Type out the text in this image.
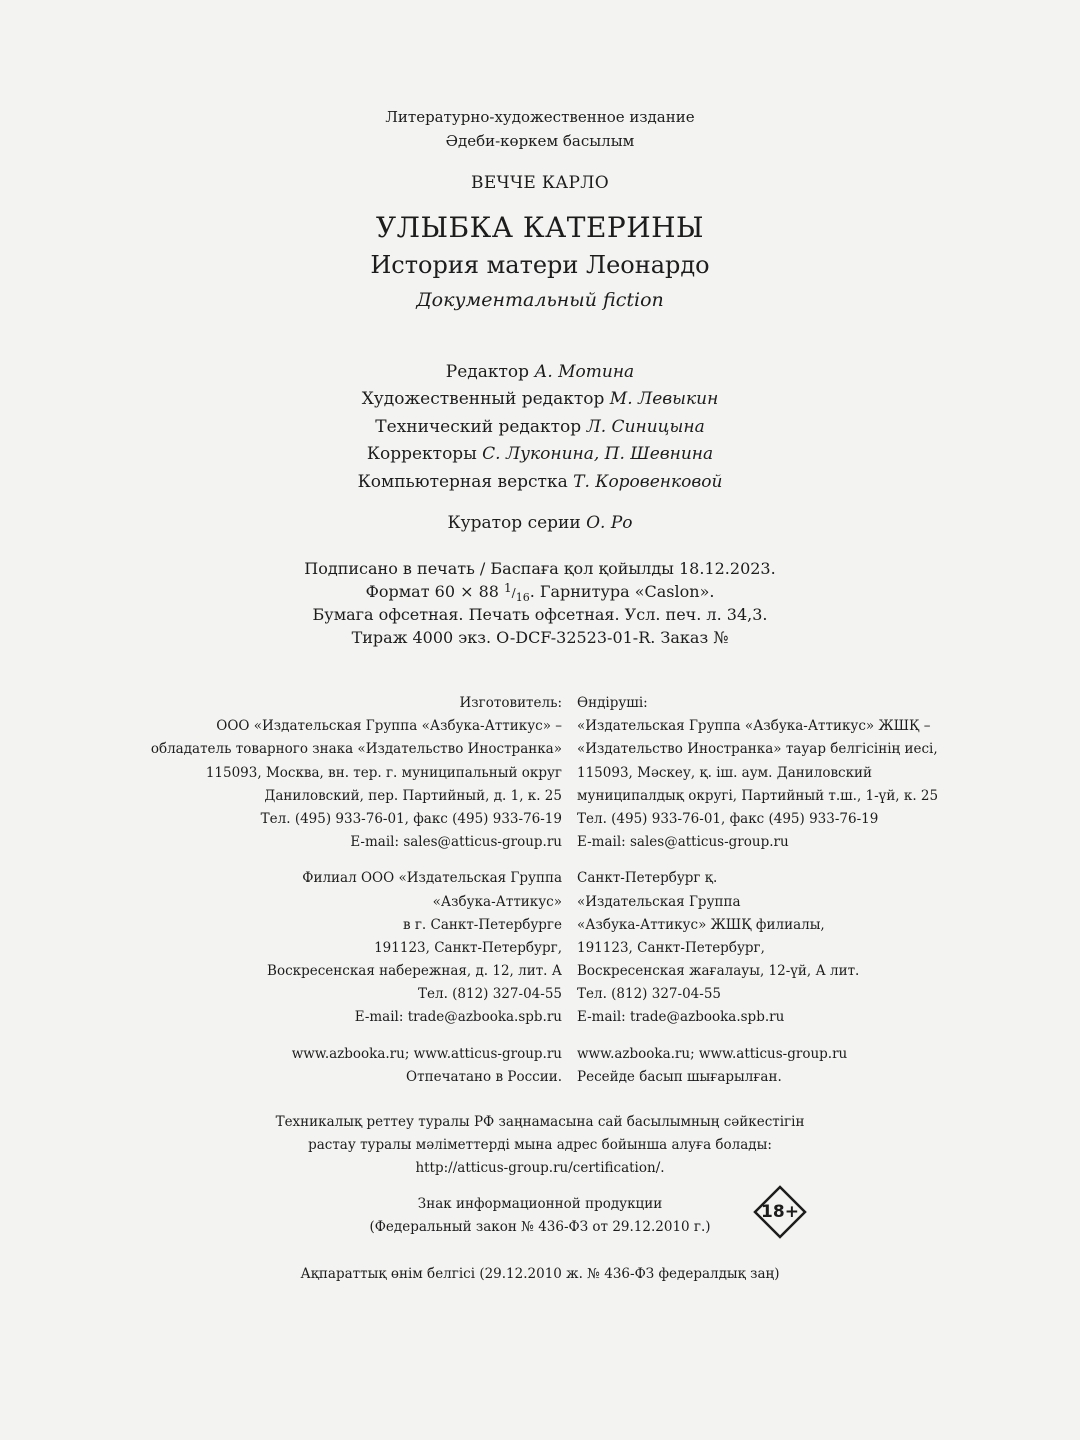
Литературно-художественное издание
Әдеби-көркем басылым
ВЕЧЧЕ КАРЛО
УЛЫБКА КАТЕРИНЫ
История матери Леонардо
Документальный fiction
Редактор А. Мотина
Художественный редактор М. Левыкин
Технический редактор Л. Синицына
Корректоры С. Луконина, П. Шевнина
Компьютерная верстка Т. Коровенковой
Куратор серии О. Ро
Подписано в печать / Баспаға қол қойылды 18.12.2023.
Формат 60 × 88 $^1/_{16}$. Гарнитура «Caslon».
Бумага офсетная. Печать офсетная. Усл. печ. л. 34,3.
Тираж 4000 экз. O-DCF-32523-01-R. Заказ №
Изготовитель:
ООО «Издательская Группа «Азбука-Аттикус» –
обладатель товарного знака «Издательство Иностранка»
115093, Москва, вн. тер. г. муниципальный округ
Даниловский, пер. Партийный, д. 1, к. 25
Тел. (495) 933-76-01, факс (495) 933-76-19
E-mail: sales@atticus-group.ru
Филиал ООО «Издательская Группа
«Азбука-Аттикус»
в г. Санкт-Петербурге
191123, Санкт-Петербург,
Воскресенская набережная, д. 12, лит. А
Тел. (812) 327-04-55
E-mail: trade@azbooka.spb.ru
www.azbooka.ru; www.atticus-group.ru
Отпечатано в России.
Өндіруші:
«Издательская Группа «Азбука-Аттикус» ЖШҚ –
«Издательство Иностранка» тауар белгісінің иесі,
115093, Мәскеу, қ. іш. аум. Даниловский
муниципалдық округі, Партийный т.ш., 1-үй, к. 25
Тел. (495) 933-76-01, факс (495) 933-76-19
E-mail: sales@atticus-group.ru
Санкт-Петербург қ.
«Издательская Группа
«Азбука-Аттикус» ЖШҚ филиалы,
191123, Санкт-Петербург,
Воскресенская жағалауы, 12-үй, А лит.
Тел. (812) 327-04-55
E-mail: trade@azbooka.spb.ru
www.azbooka.ru; www.atticus-group.ru
Ресейде басып шығарылған.
Техникалық реттеу туралы РФ заңнамасына сай басылымның сәйкестігін
растау туралы мәліметтерді мына адрес бойынша алуға болады:
http://atticus-group.ru/certification/.
Знак информационной продукции
(Федеральный закон № 436-ФЗ от 29.12.2010 г.)
18+
Ақпараттық өнім белгісі (29.12.2010 ж. № 436-ФЗ федералдық заң)
